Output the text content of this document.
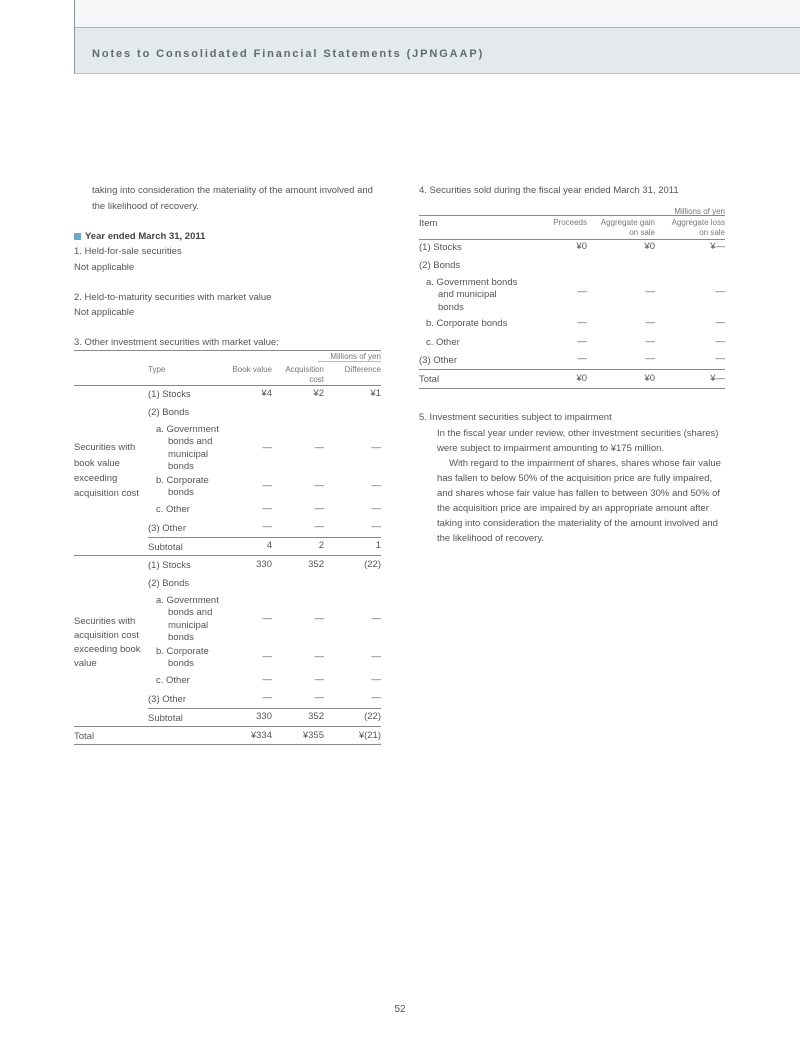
Notes to Consolidated Financial Statements (JPNGAAP)
taking into consideration the materiality of the amount involved and
the likelihood of recovery.
Year ended March 31, 2011
1. Held-for-sale securities
Not applicable
2. Held-to-maturity securities with market value
Not applicable
3. Other investment securities with market value:
Millions of yen
Type	Book value	Acquisition
cost
Difference
Securities with
book value
exceeding
acquisition cost
(1) Stocks	¥4	¥2	¥1
(2) Bonds
a. Government
bonds and
municipal
bonds
—	—	—
b. Corporate
bonds
—	—	—
c. Other	—	—	—
(3) Other	—	—	—
Subtotal	4	2	1
Securities with
acquisition cost
exceeding book
value
(1) Stocks	330	352	(22)
(2) Bonds
a. Government
bonds and
municipal
bonds
—	—	—
b. Corporate
bonds
—	—	—
c. Other	—	—	—
(3) Other	—	—	—
Subtotal	330	352	(22)
Total	¥334	¥355	¥(21)
4. Securities sold during the fiscal year ended March 31, 2011
Millions of yen
Item	Proceeds	Aggregate gain
on sale
Aggregate loss
on sale
(1) Stocks	¥0	¥0	¥—
(2) Bonds
a. Government bonds
and municipal
bonds
—	—	—
b. Corporate bonds	—	—	—
c. Other	—	—	—
(3) Other	—	—	—
Total	¥0	¥0	¥—
5. Investment securities subject to impairment
In the fiscal year under review, other investment securities (shares)
were subject to impairment amounting to ¥175 million.
With regard to the impairment of shares, shares whose fair value
has fallen to below 50% of the acquisition price are fully impaired,
and shares whose fair value has fallen to between 30% and 50% of
the acquisition price are impaired by an appropriate amount after
taking into consideration the materiality of the amount involved and
the likelihood of recovery.
52
